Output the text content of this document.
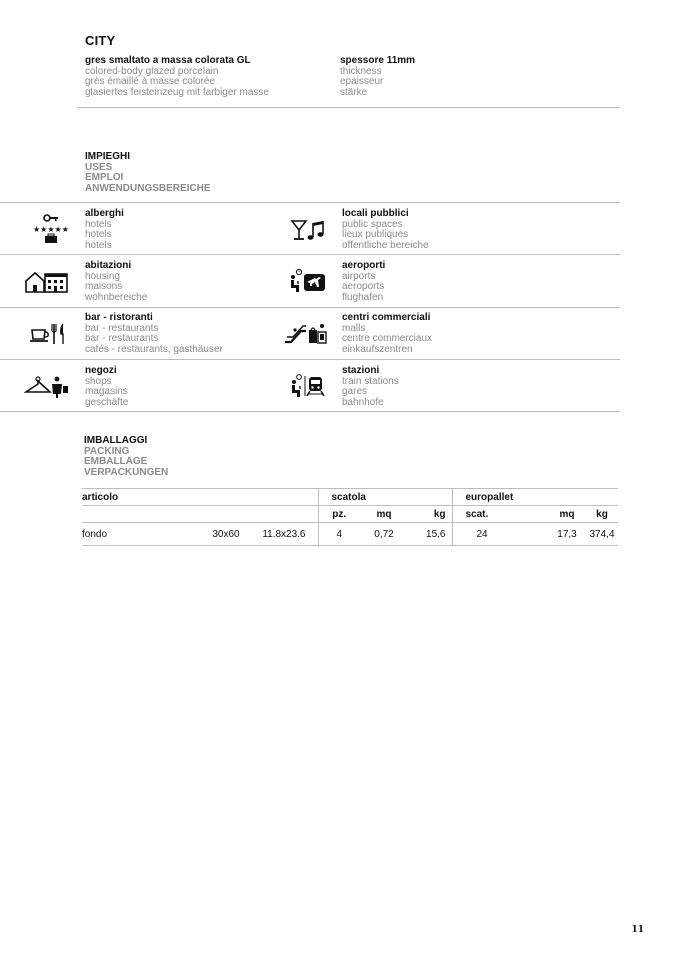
CITY
gres smaltato a massa colorata GL
colored-body glazed porcelain
grès émaillé à masse colorée
glasiertes feisteinzeug mit farbiger masse
spessore 11mm
thickness
epaisseur
stärke
IMPIEGHI
USES
EMPLOI
ANWENDUNGSBEREICHE
★★★★★
alberghi
hotels
hotels
hotels
locali pubblici
public spaces
lieux publiques
offentliche bereiche
abitazioni
housing
maisons
wohnbereiche
aeroporti
airports
aeroports
flughafen
bar - ristoranti
bar - restaurants
bar - restaurants
cafés - restaurants, gasthäuser
centri commerciali
malls
centre commerciaux
einkaufszentren
negozi
shops
magasins
geschäfte
stazioni
train stations
gares
bahnhofe
IMBALLAGGI
PACKING
EMBALLAGE
VERPACKUNGEN
articolo			scatola			europallet		
			pz.	mq	kg	scat.	mq	kg
fondo	30x60	11.8x23.6	4	0,72	15,6	24	17,3	374,4
11
